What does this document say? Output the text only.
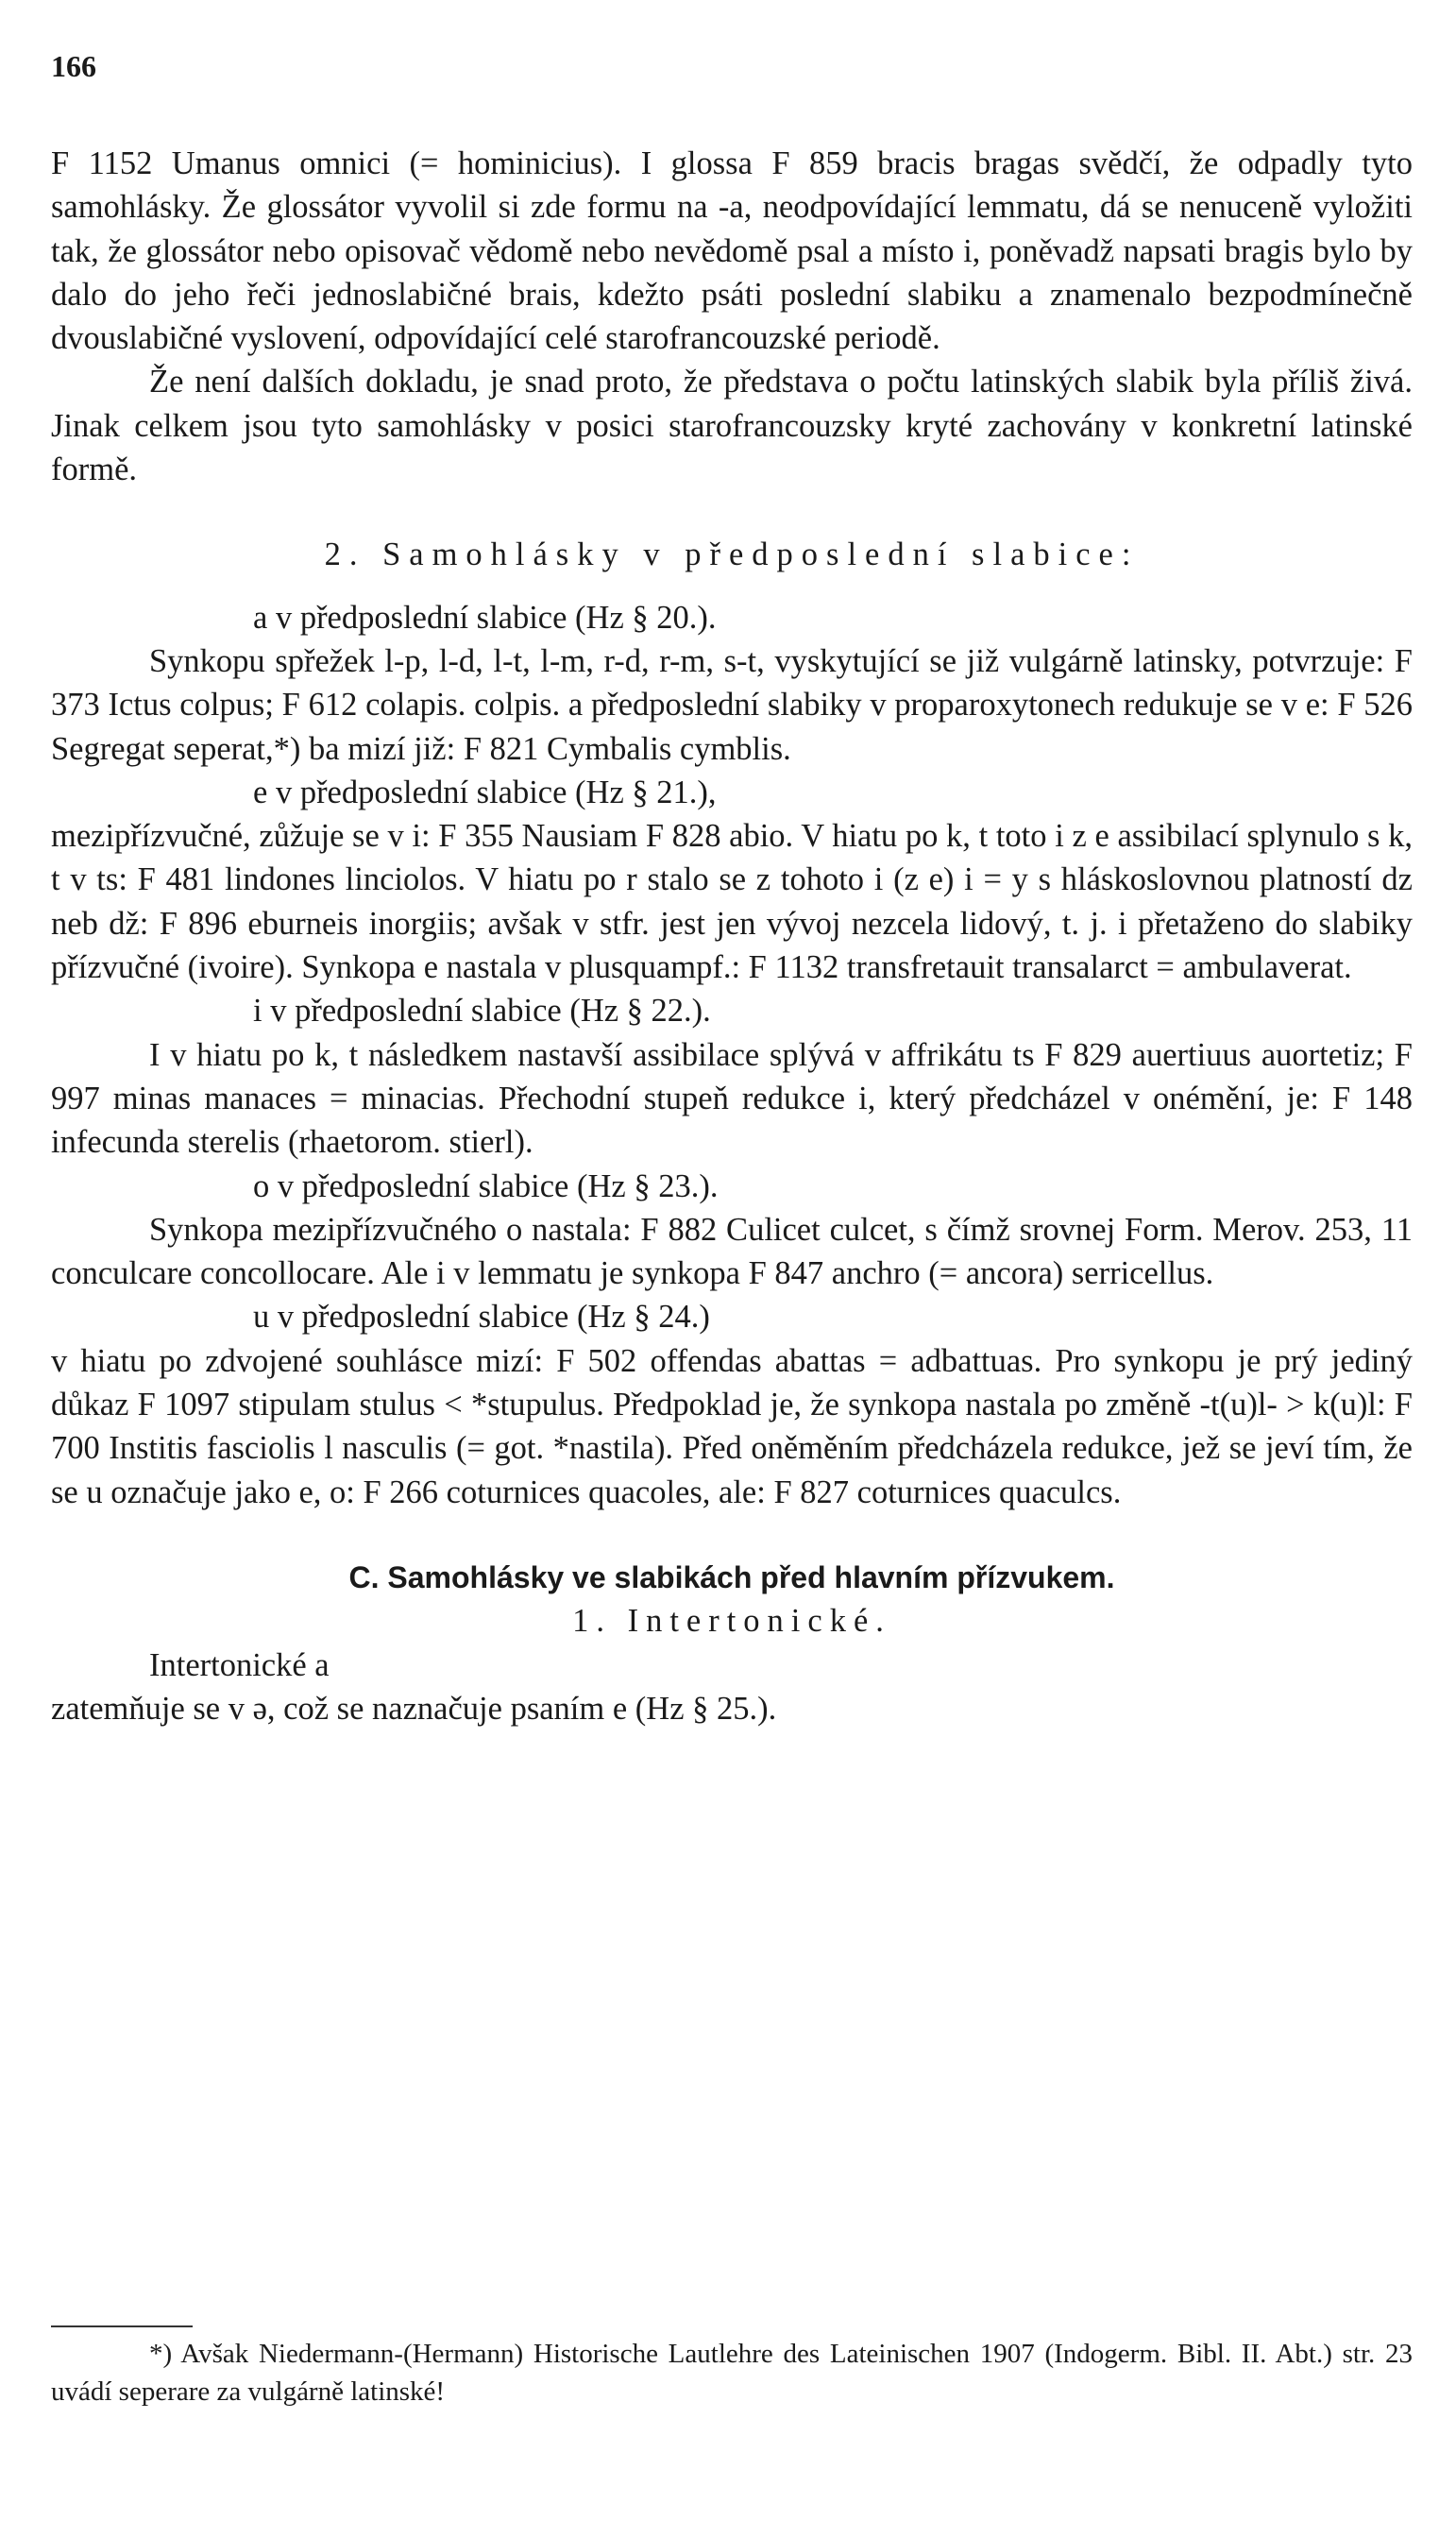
166

F 1152 Umanus omnici (= hominicius). I glossa F 859 bracis bragas svědčí, že odpadly tyto samohlásky. Že glossátor vyvolil si zde formu na -a, neodpovídající lemmatu, dá se nenuceně vyložiti tak, že glossátor nebo opisovač vědomě nebo nevědomě psal a místo i, poněvadž napsati bragis bylo by dalo do jeho řeči jednoslabičné brais, kdežto psáti poslední slabiku a znamenalo bezpodmínečně dvouslabičné vyslovení, odpovídající celé starofrancouzské periodě.

Že není dalších dokladu, je snad proto, že představa o počtu latinských slabik byla příliš živá. Jinak celkem jsou tyto samohlásky v posici starofrancouzsky kryté zachovány v konkretní latinské formě.

2. Samohlásky v předposlední slabice:

a v předposlední slabice (Hz § 20.).

Synkopu spřežek l-p, l-d, l-t, l-m, r-d, r-m, s-t, vyskytující se již vulgárně latinsky, potvrzuje: F 373 Ictus colpus; F 612 colapis. colpis. a předposlední slabiky v proparoxytonech redukuje se v e: F 526 Segregat seperat,*) ba mizí již: F 821 Cymbalis cymblis.

e v předposlední slabice (Hz § 21.),

mezipřízvučné, zůžuje se v i: F 355 Nausiam F 828 abio. V hiatu po k, t toto i z e assibilací splynulo s k, t v ts: F 481 lindones linciolos. V hiatu po r stalo se z tohoto i (z e) i = y s hláskoslovnou platností dz neb dž: F 896 eburneis inorgiis; avšak v stfr. jest jen vývoj nezcela lidový, t. j. i přetaženo do slabiky přízvučné (ivoire). Synkopa e nastala v plusquampf.: F 1132 transfretauit transalarct = ambulaverat.

i v předposlední slabice (Hz § 22.).

I v hiatu po k, t následkem nastavší assibilace splývá v affrikátu ts F 829 auertiuus auortetiz; F 997 minas manaces = minacias. Přechodní stupeň redukce i, který předcházel v onémění, je: F 148 infecunda sterelis (rhaetorom. stierl).

o v předposlední slabice (Hz § 23.).

Synkopa mezipřízvučného o nastala: F 882 Culicet culcet, s čímž srovnej Form. Merov. 253, 11 conculcare concollocare. Ale i v lemmatu je synkopa F 847 anchro (= ancora) serricellus.

u v předposlední slabice (Hz § 24.)

v hiatu po zdvojené souhlásce mizí: F 502 offendas abattas = adbattuas. Pro synkopu je prý jediný důkaz F 1097 stipulam stulus < *stupulus. Předpoklad je, že synkopa nastala po změně -t(u)l- > k(u)l: F 700 Institis fasciolis l nasculis (= got. *nastila). Před oněměním předcházela redukce, jež se jeví tím, že se u označuje jako e, o: F 266 coturnices quacoles, ale: F 827 coturnices quaculcs.

C. Samohlásky ve slabikách před hlavním přízvukem.

1. Intertonické.

Intertonické a

zatemňuje se v ə, což se naznačuje psaním e (Hz § 25.).

*) Avšak Niedermann-(Hermann) Historische Lautlehre des Lateinischen 1907 (Indogerm. Bibl. II. Abt.) str. 23 uvádí seperare za vulgárně latinské!
